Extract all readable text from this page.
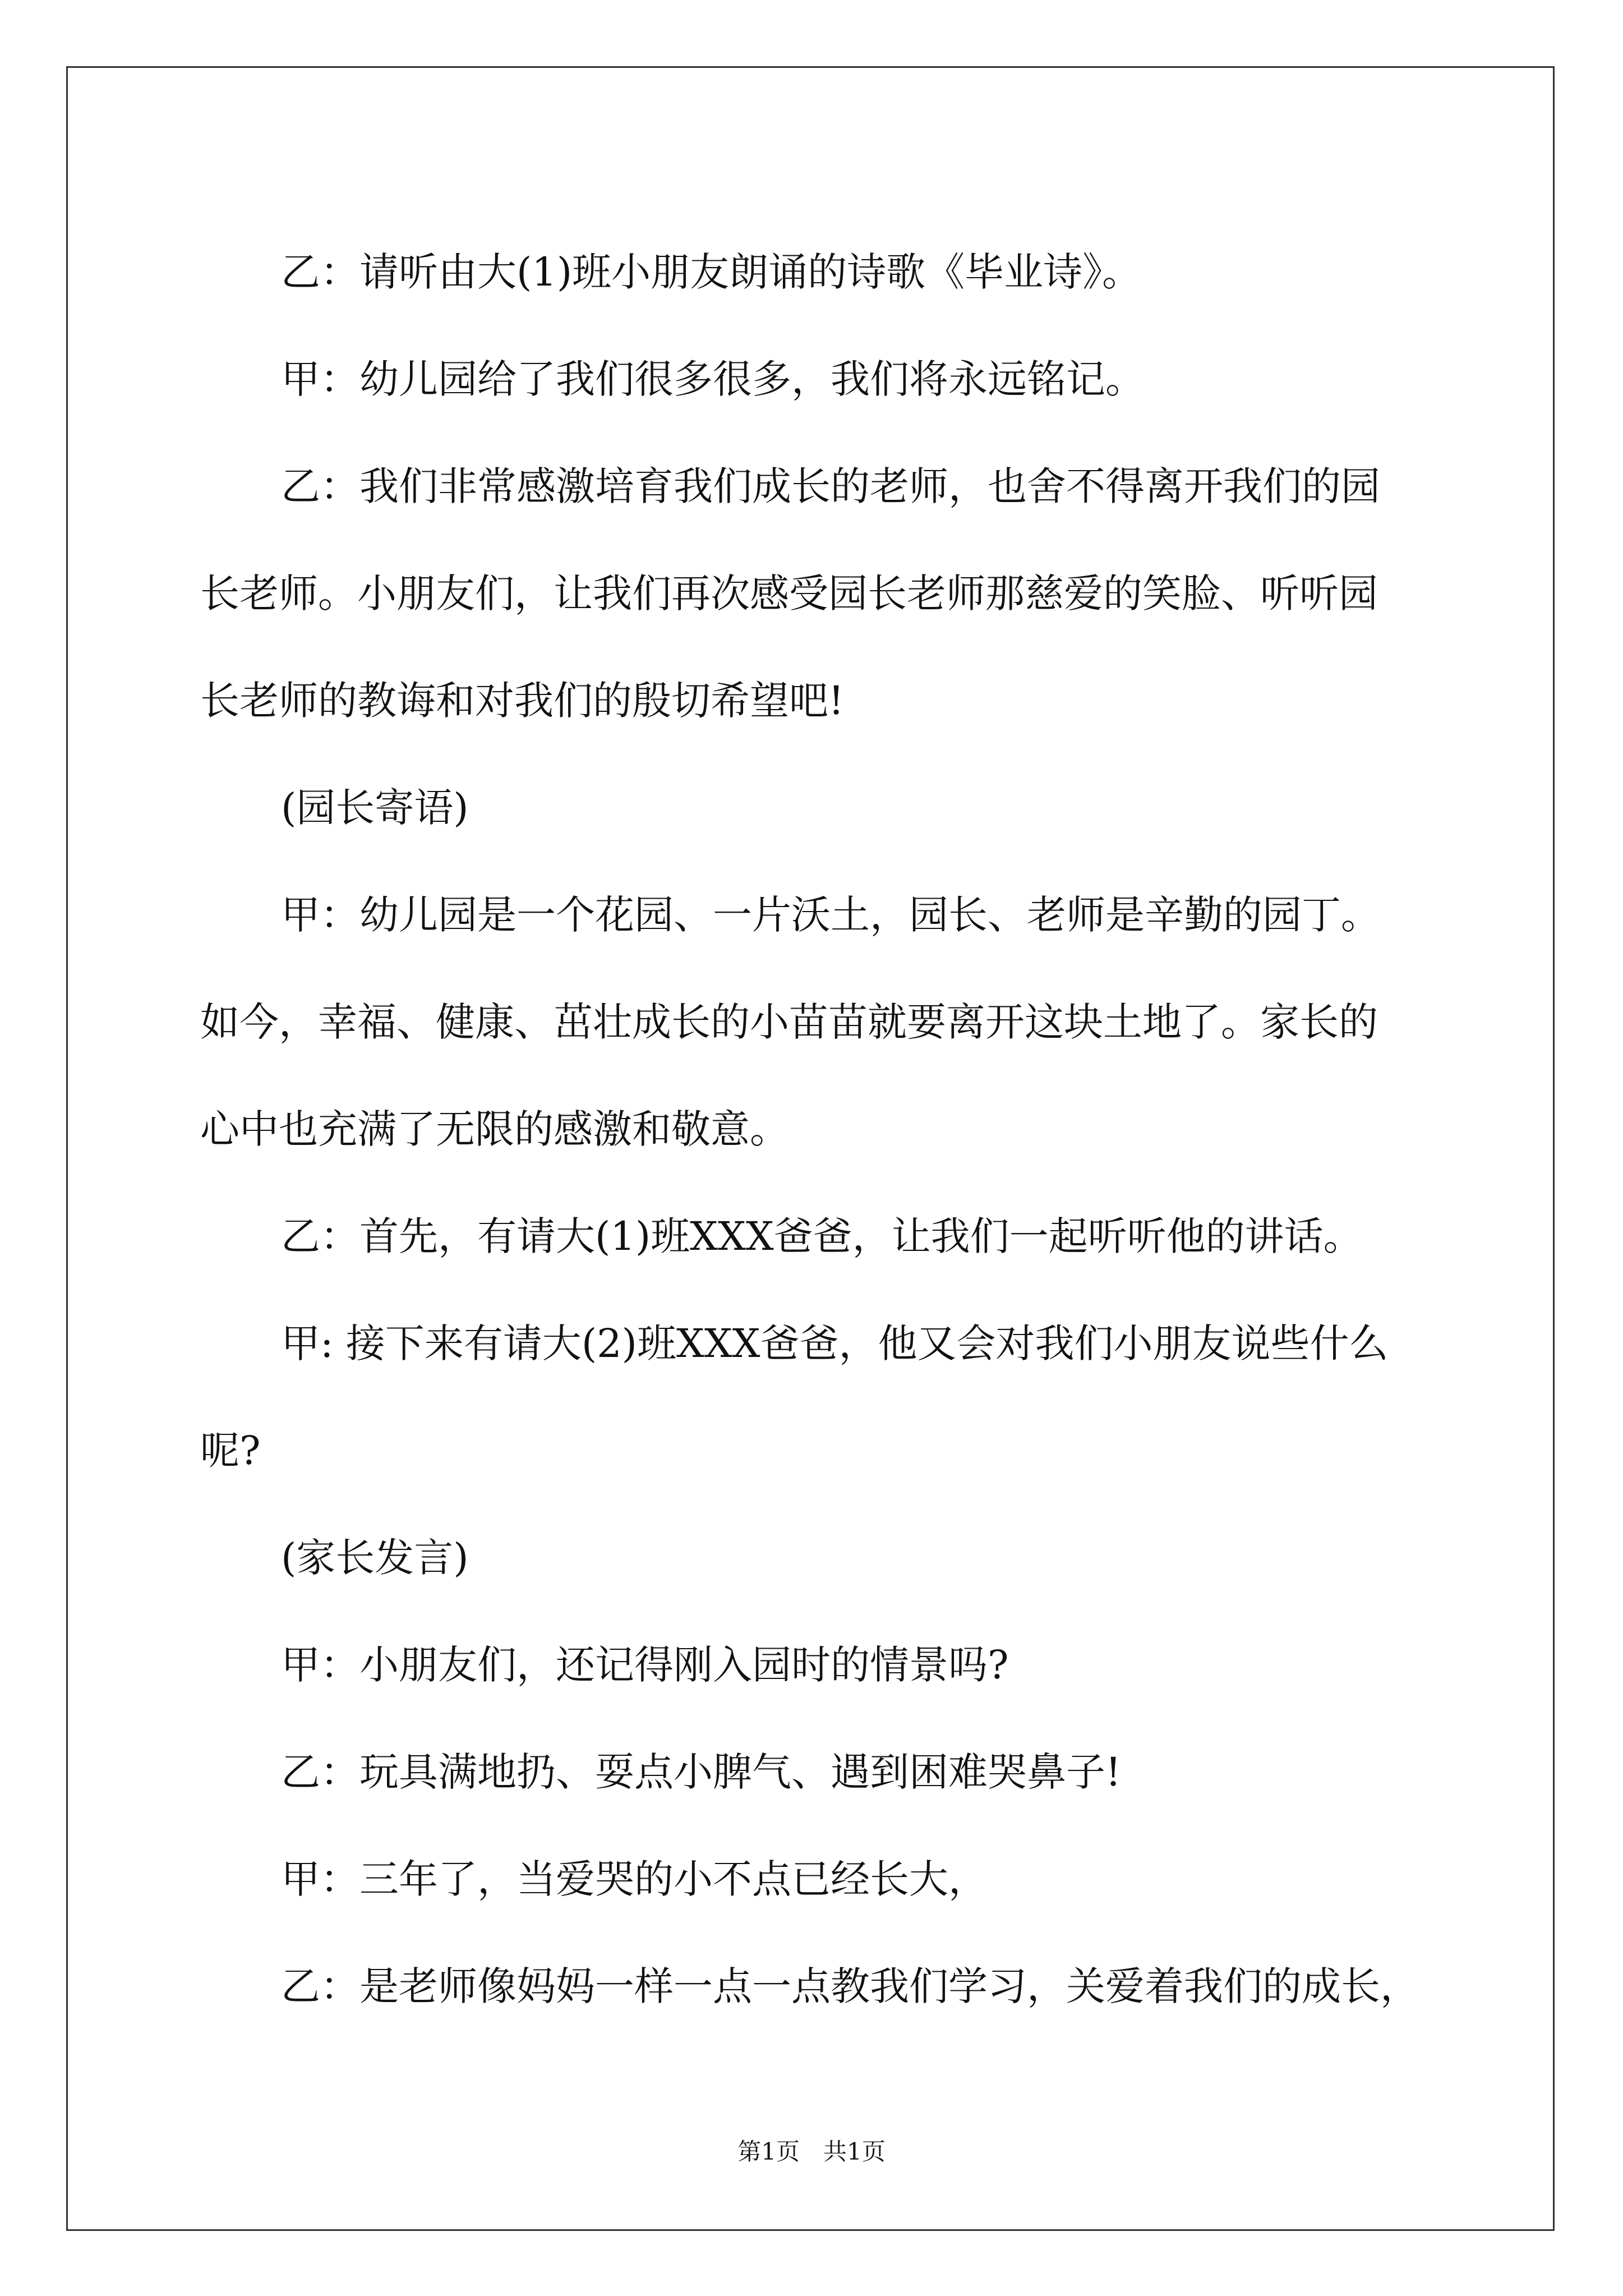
乙：请听由大(1)班小朋友朗诵的诗歌《毕业诗》。

甲：幼儿园给了我们很多很多，我们将永远铭记。

乙：我们非常感激培育我们成长的老师，也舍不得离开我们的园

长老师。小朋友们，让我们再次感受园长老师那慈爱的笑脸、听听园

长老师的教诲和对我们的殷切希望吧!

(园长寄语)

甲：幼儿园是一个花园、一片沃土，园长、老师是辛勤的园丁。

如今，幸福、健康、茁壮成长的小苗苗就要离开这块土地了。家长的

心中也充满了无限的感激和敬意。

乙：首先，有请大(1)班XXX爸爸，让我们一起听听他的讲话。

甲: 接下来有请大(2)班XXX爸爸，他又会对我们小朋友说些什么

呢?

(家长发言)

甲：小朋友们，还记得刚入园时的情景吗?

乙：玩具满地扔、耍点小脾气、遇到困难哭鼻子!

甲：三年了，当爱哭的小不点已经长大，

乙：是老师像妈妈一样一点一点教我们学习，关爱着我们的成长，

第1页　共1页
